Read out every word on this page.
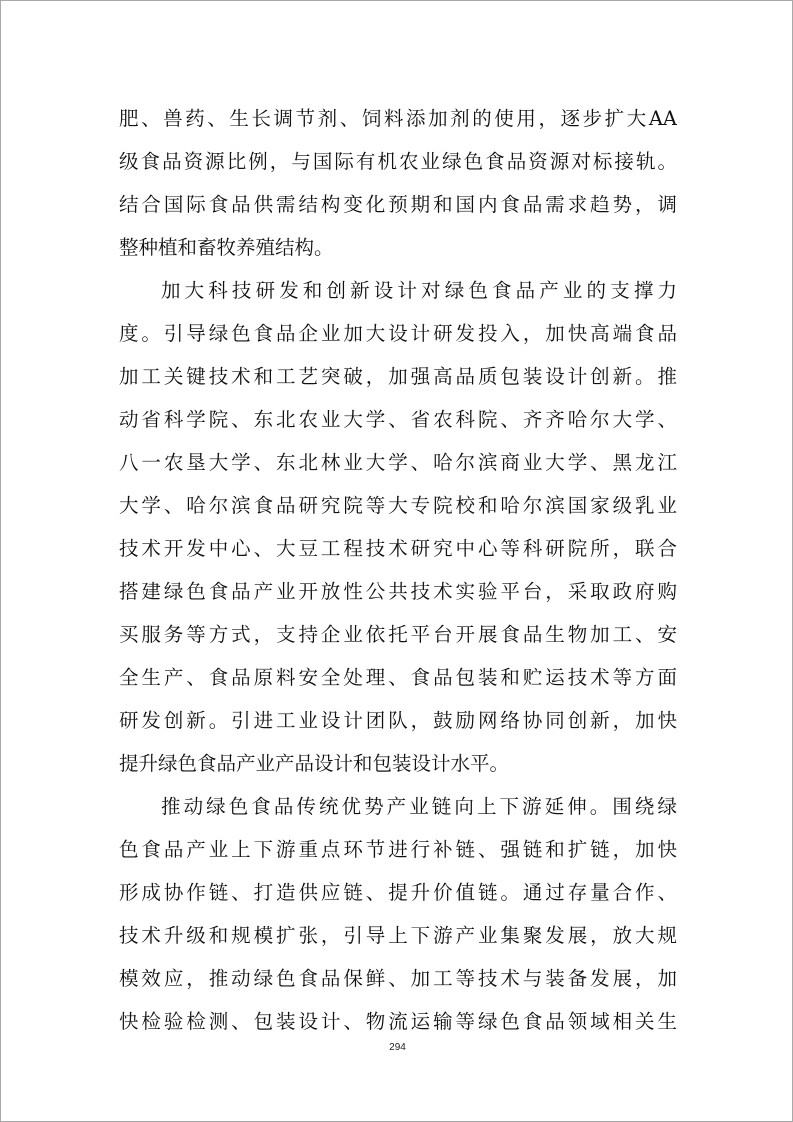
肥、兽药、生长调节剂、饲料添加剂的使用，逐步扩大AA
级食品资源比例，与国际有机农业绿色食品资源对标接轨。
结合国际食品供需结构变化预期和国内食品需求趋势，调
整种植和畜牧养殖结构。
加大科技研发和创新设计对绿色食品产业的支撑力
度。引导绿色食品企业加大设计研发投入，加快高端食品
加工关键技术和工艺突破，加强高品质包装设计创新。推
动省科学院、东北农业大学、省农科院、齐齐哈尔大学、
八一农垦大学、东北林业大学、哈尔滨商业大学、黑龙江
大学、哈尔滨食品研究院等大专院校和哈尔滨国家级乳业
技术开发中心、大豆工程技术研究中心等科研院所，联合
搭建绿色食品产业开放性公共技术实验平台，采取政府购
买服务等方式，支持企业依托平台开展食品生物加工、安
全生产、食品原料安全处理、食品包装和贮运技术等方面
研发创新。引进工业设计团队，鼓励网络协同创新，加快
提升绿色食品产业产品设计和包装设计水平。
推动绿色食品传统优势产业链向上下游延伸。围绕绿
色食品产业上下游重点环节进行补链、强链和扩链，加快
形成协作链、打造供应链、提升价值链。通过存量合作、
技术升级和规模扩张，引导上下游产业集聚发展，放大规
模效应，推动绿色食品保鲜、加工等技术与装备发展，加
快检验检测、包装设计、物流运输等绿色食品领域相关生
294
